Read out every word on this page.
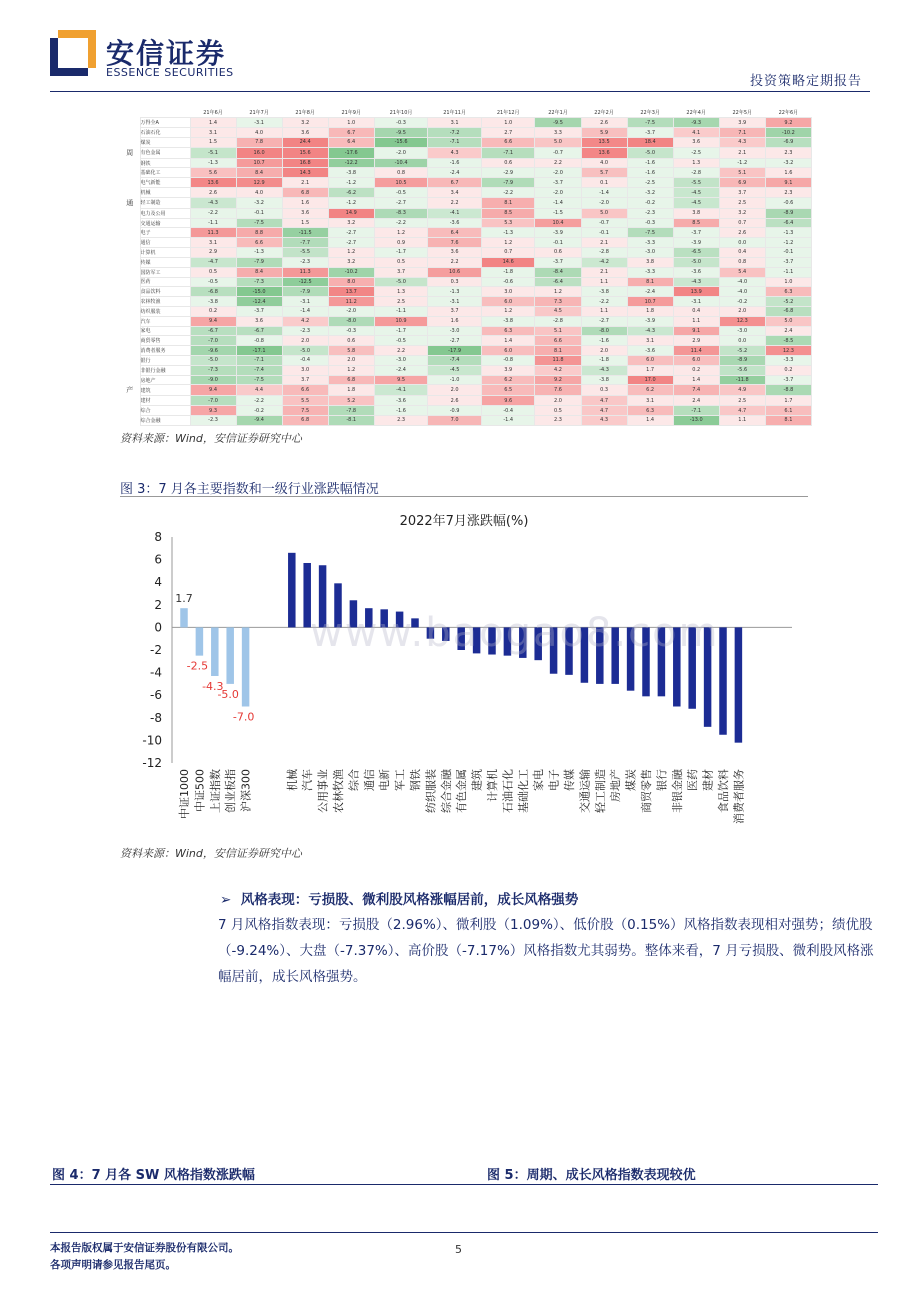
安信证券
ESSENCE SECURITIES
投资策略定期报告
		21年6月	21年7月	21年8月	21年9月	21年10月	21年11月	21年12月	22年1月	22年2月	22年3月	22年4月	22年5月	22年6月
	万得全A	1.4	-3.1	3.2	1.0	-0.3	3.1	1.0	-9.5	2.6	-7.5	-9.3	3.9	9.2
	石油石化	3.1	4.0	3.6	6.7	-9.5	-7.2	2.7	3.3	5.9	-3.7	4.1	7.1	-10.2
	煤炭	1.5	7.8	24.4	6.4	-15.6	-7.1	6.6	5.0	13.5	18.4	3.6	4.3	-6.9
周	有色金属	-5.1	16.0	15.6	-17.6	-2.0	4.3	-7.1	-0.7	13.6	-5.0	-2.5	2.1	2.3
	钢铁	-1.3	10.7	16.8	-12.2	-10.4	-1.6	0.6	2.2	4.0	-1.6	1.3	-1.2	-3.2
	基础化工	5.6	8.4	14.3	-3.8	0.8	-2.4	-2.9	-2.0	5.7	-1.6	-2.8	5.1	1.6
	电气新能	13.6	12.9	2.1	-1.2	10.5	6.7	-7.9	-3.7	0.1	-2.5	-5.5	6.9	9.1
	机械	2.6	4.0	6.8	-6.2	-0.5	3.4	-2.2	-2.0	-1.4	-3.2	-4.5	3.7	2.3
通	轻工制造	-4.3	-3.2	1.6	-1.2	-2.7	2.2	8.1	-1.4	-2.0	-0.2	-4.5	2.5	-0.6
	电力及公用	-2.2	-0.1	3.6	14.9	-8.3	-4.1	8.5	-1.5	5.0	-2.3	3.8	3.2	-8.9
	交通运输	-1.1	-7.5	1.5	3.2	-2.2	-3.6	5.3	10.4	-0.7	-0.3	8.5	0.7	-6.4
	电子	11.3	8.8	-11.5	-2.7	1.2	6.4	-1.3	-3.9	-0.1	-7.5	-3.7	2.6	-1.3
	通信	3.1	6.6	-7.7	-2.7	0.9	7.6	1.2	-0.1	2.1	-3.3	-3.9	0.0	-1.2
	计算机	2.9	-1.3	-5.5	1.2	-1.7	3.6	0.7	0.6	-2.8	-3.0	-6.5	0.4	-0.1
	传媒	-4.7	-7.9	-2.3	3.2	0.5	2.2	14.6	-3.7	-4.2	3.8	-5.0	0.8	-3.7
	国防军工	0.5	8.4	11.3	-10.2	3.7	10.6	-1.8	-8.4	2.1	-3.3	-3.6	5.4	-1.1
	医药	-0.5	-7.3	-12.5	8.0	-5.0	0.3	-0.6	-6.4	1.1	8.1	-4.3	-4.0	1.0
	食品饮料	-6.8	-15.0	-7.9	13.7	1.3	-1.3	3.0	1.2	-3.8	-2.4	13.9	-4.0	6.3
	农林牧渔	-3.8	-12.4	-3.1	11.2	2.5	-3.1	6.0	7.3	-2.2	10.7	-3.1	-0.2	-5.2
	纺织服装	0.2	-3.7	-1.4	-2.0	-1.1	3.7	1.2	4.5	1.1	1.8	0.4	2.0	-6.8
	汽车	9.4	3.6	4.2	-8.0	10.9	1.6	-3.8	-2.8	-2.7	-3.9	1.1	12.3	5.0
	家电	-6.7	-6.7	-2.3	-0.3	-1.7	-3.0	6.3	5.1	-8.0	-4.3	9.1	-3.0	2.4
	商贸零售	-7.0	-0.8	2.0	0.6	-0.5	-2.7	1.4	6.6	-1.6	3.1	2.9	0.0	-8.5
	消费者服务	-9.6	-17.1	-5.0	5.8	2.2	-17.9	6.0	8.1	2.0	-3.6	11.4	-5.2	12.3
	银行	-5.0	-7.1	-0.4	2.0	-3.0	-7.4	-0.8	11.8	-1.8	6.0	6.0	-8.9	-3.3
	非银行金融	-7.3	-7.4	3.0	1.2	-2.4	-4.5	3.9	4.2	-4.3	1.7	0.2	-5.6	0.2
	房地产	-9.0	-7.5	3.7	6.8	9.5	-1.0	6.2	9.2	-3.8	17.0	1.4	-11.8	-3.7
产	建筑	9.4	4.4	6.6	1.8	-4.1	2.0	6.5	7.6	0.3	6.2	7.4	4.9	-8.8
	建材	-7.0	-2.2	5.5	5.2	-3.6	2.6	9.6	2.0	4.7	3.1	2.4	2.5	1.7
	综合	9.3	-0.2	7.5	-7.8	-1.6	-0.9	-0.4	0.5	4.7	6.3	-7.1	4.7	6.1
	综合金融	-2.3	-9.4	6.8	-8.1	2.3	7.0	-1.4	2.3	4.3	1.4	-13.0	1.1	8.1
资料来源：Wind，安信证券研究中心
图 3：7 月各主要指数和一级行业涨跌幅情况
2022年7月涨跌幅(%)
8
6
4
2
0
-2
-4
-6
-8
-10
-12
中证1000
1.7
中证500
-2.5
上证指数
-4.3
创业板指
-5.0
沪深300
-7.0
机械 汽车 公用事业 农林牧渔 综合 通信 电新 军工 钢铁 纺织服装 综合金融 有色金属 建筑 计算机 石油石化 基础化工 家电 电子 传媒 交通运输 轻工制造 房地产 煤炭 商贸零售 银行 非银金融 医药 建材 食品饮料 消费者服务
资料来源：Wind，安信证券研究中心
www.baogao8.com
➢  风格表现：亏损股、微利股风格涨幅居前，成长风格强势
7 月风格指数表现：亏损股（2.96%）、微利股（1.09%）、低价股（0.15%）风格指数表现相对强势；绩优股（-9.24%）、大盘（-7.37%）、高价股（-7.17%）风格指数尤其弱势。整体来看，7 月亏损股、微利股风格涨幅居前，成长风格强势。
图 4：7 月各 SW 风格指数涨跌幅	图 5：周期、成长风格指数表现较优
本报告版权属于安信证券股份有限公司。
各项声明请参见报告尾页。
5
